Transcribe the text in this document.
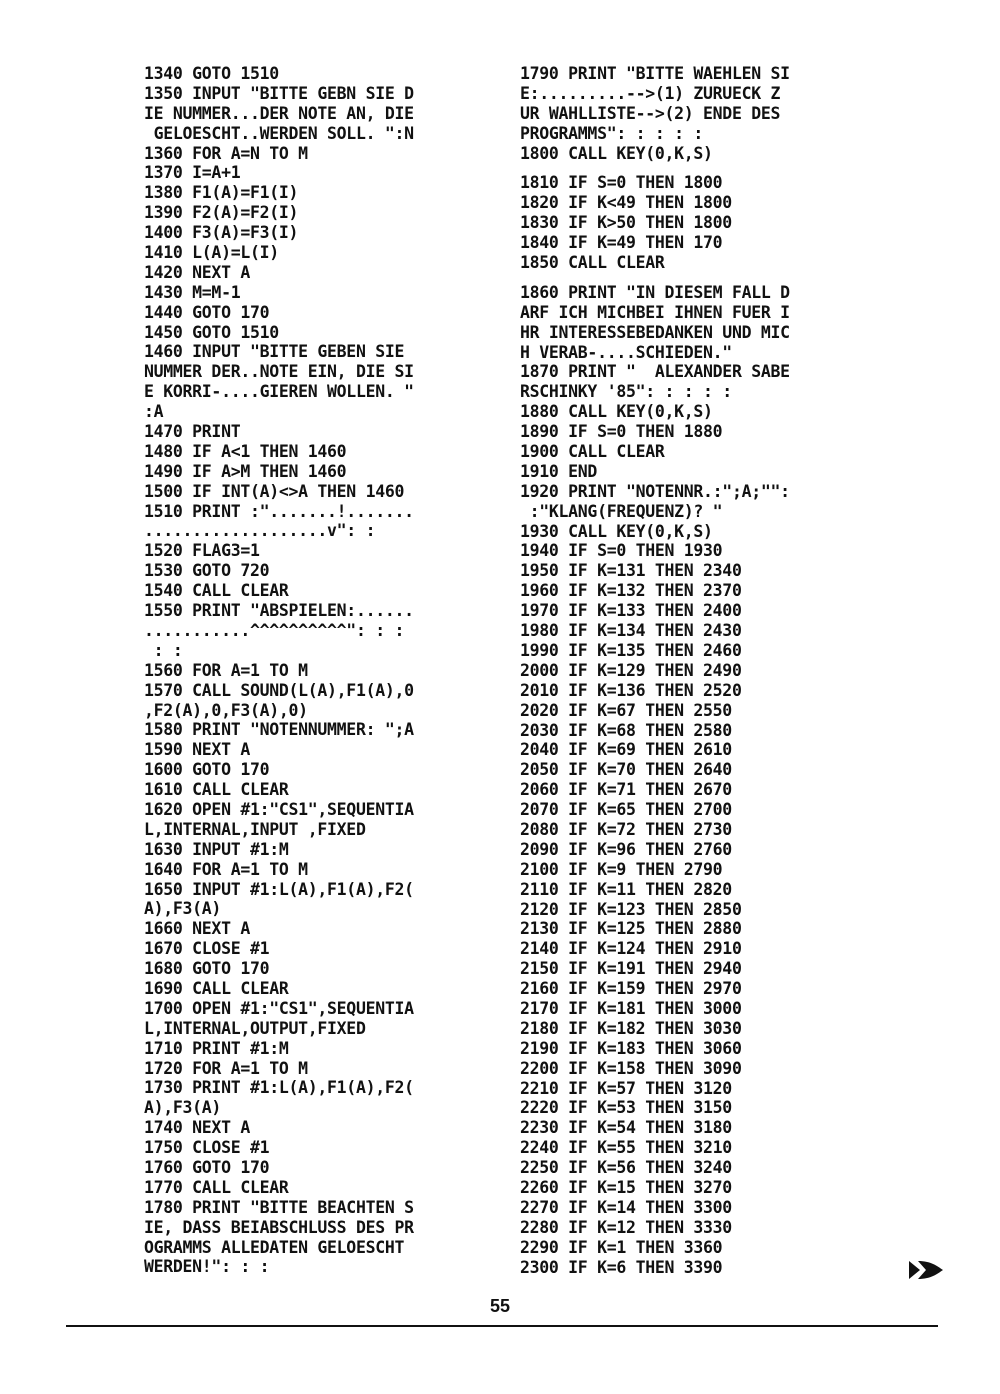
1340 GOTO 1510
1350 INPUT "BITTE GEBN SIE D
IE NUMMER...DER NOTE AN, DIE
GELOESCHT..WERDEN SOLL. ":N
1360 FOR A=N TO M
1370 I=A+1
1380 F1(A)=F1(I)
1390 F2(A)=F2(I)
1400 F3(A)=F3(I)
1410 L(A)=L(I)
1420 NEXT A
1430 M=M-1
1440 GOTO 170
1450 GOTO 1510
1460 INPUT "BITTE GEBEN SIE
NUMMER DER..NOTE EIN, DIE SI
E KORRI-....GIEREN WOLLEN. "
:A
1470 PRINT
1480 IF A<1 THEN 1460
1490 IF A>M THEN 1460
1500 IF INT(A)<>A THEN 1460
1510 PRINT :".......!.......
...................v": :
1520 FLAG3=1
1530 GOTO 720
1540 CALL CLEAR
1550 PRINT "ABSPIELEN:......
...........^^^^^^^^^^": : :
: :
1560 FOR A=1 TO M
1570 CALL SOUND(L(A),F1(A),0
,F2(A),0,F3(A),0)
1580 PRINT "NOTENNUMMER: ";A
1590 NEXT A
1600 GOTO 170
1610 CALL CLEAR
1620 OPEN #1:"CS1",SEQUENTIA
L,INTERNAL,INPUT ,FIXED
1630 INPUT #1:M
1640 FOR A=1 TO M
1650 INPUT #1:L(A),F1(A),F2(
A),F3(A)
1660 NEXT A
1670 CLOSE #1
1680 GOTO 170
1690 CALL CLEAR
1700 OPEN #1:"CS1",SEQUENTIA
L,INTERNAL,OUTPUT,FIXED
1710 PRINT #1:M
1720 FOR A=1 TO M
1730 PRINT #1:L(A),F1(A),F2(
A),F3(A)
1740 NEXT A
1750 CLOSE #1
1760 GOTO 170
1770 CALL CLEAR
1780 PRINT "BITTE BEACHTEN S
IE, DASS BEIABSCHLUSS DES PR
OGRAMMS ALLEDATEN GELOESCHT
WERDEN!": : :
1790 PRINT "BITTE WAEHLEN SI
E:.........-->(1) ZURUECK Z
UR WAHLLISTE-->(2) ENDE DES
PROGRAMMS": : : : :
1800 CALL KEY(0,K,S)
1810 IF S=0 THEN 1800
1820 IF K<49 THEN 1800
1830 IF K>50 THEN 1800
1840 IF K=49 THEN 170
1850 CALL CLEAR
1860 PRINT "IN DIESEM FALL D
ARF ICH MICHBEI IHNEN FUER I
HR INTERESSEBEDANKEN UND MIC
H VERAB-....SCHIEDEN."
1870 PRINT "  ALEXANDER SABE
RSCHINKY '85": : : : :
1880 CALL KEY(0,K,S)
1890 IF S=0 THEN 1880
1900 CALL CLEAR
1910 END
1920 PRINT "NOTENNR.:";A;"":
:"KLANG(FREQUENZ)? "
1930 CALL KEY(0,K,S)
1940 IF S=0 THEN 1930
1950 IF K=131 THEN 2340
1960 IF K=132 THEN 2370
1970 IF K=133 THEN 2400
1980 IF K=134 THEN 2430
1990 IF K=135 THEN 2460
2000 IF K=129 THEN 2490
2010 IF K=136 THEN 2520
2020 IF K=67 THEN 2550
2030 IF K=68 THEN 2580
2040 IF K=69 THEN 2610
2050 IF K=70 THEN 2640
2060 IF K=71 THEN 2670
2070 IF K=65 THEN 2700
2080 IF K=72 THEN 2730
2090 IF K=96 THEN 2760
2100 IF K=9 THEN 2790
2110 IF K=11 THEN 2820
2120 IF K=123 THEN 2850
2130 IF K=125 THEN 2880
2140 IF K=124 THEN 2910
2150 IF K=191 THEN 2940
2160 IF K=159 THEN 2970
2170 IF K=181 THEN 3000
2180 IF K=182 THEN 3030
2190 IF K=183 THEN 3060
2200 IF K=158 THEN 3090
2210 IF K=57 THEN 3120
2220 IF K=53 THEN 3150
2230 IF K=54 THEN 3180
2240 IF K=55 THEN 3210
2250 IF K=56 THEN 3240
2260 IF K=15 THEN 3270
2270 IF K=14 THEN 3300
2280 IF K=12 THEN 3330
2290 IF K=1 THEN 3360
2300 IF K=6 THEN 3390
55
